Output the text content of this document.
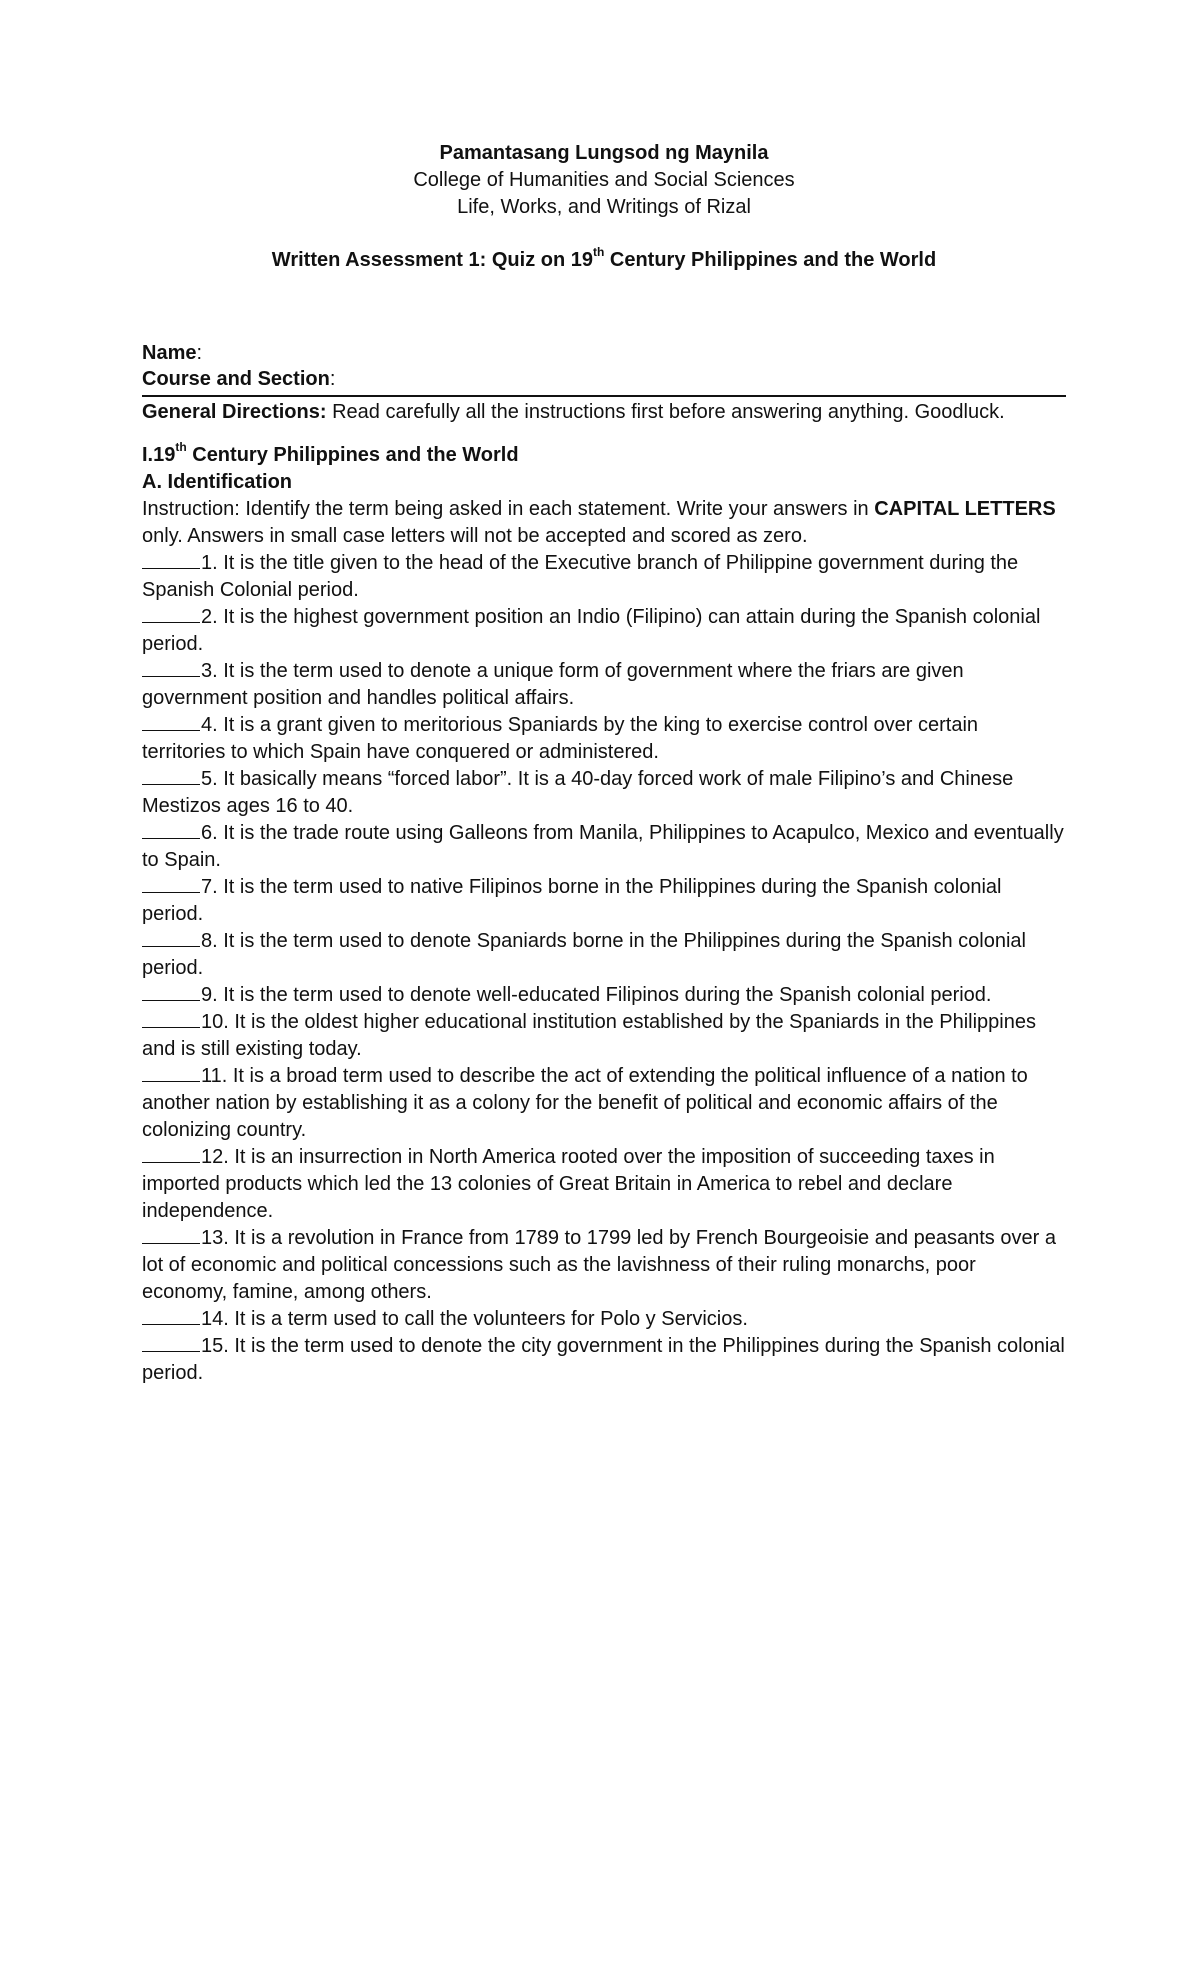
Pamantasang Lungsod ng Maynila
College of Humanities and Social Sciences
Life, Works, and Writings of Rizal
Written Assessment 1: Quiz on 19th Century Philippines and the World
Name:
Course and Section:
General Directions: Read carefully all the instructions first before answering anything. Goodluck.
I.19th Century Philippines and the World
A. Identification
Instruction: Identify the term being asked in each statement. Write your answers in CAPITAL LETTERS only. Answers in small case letters will not be accepted and scored as zero.
1. It is the title given to the head of the Executive branch of Philippine government during the Spanish Colonial period.
2. It is the highest government position an Indio (Filipino) can attain during the Spanish colonial period.
3. It is the term used to denote a unique form of government where the friars are given government position and handles political affairs.
4. It is a grant given to meritorious Spaniards by the king to exercise control over certain territories to which Spain have conquered or administered.
5. It basically means “forced labor”. It is a 40-day forced work of male Filipino’s and Chinese Mestizos ages 16 to 40.
6. It is the trade route using Galleons from Manila, Philippines to Acapulco, Mexico and eventually to Spain.
7. It is the term used to native Filipinos borne in the Philippines during the Spanish colonial period.
8. It is the term used to denote Spaniards borne in the Philippines during the Spanish colonial period.
9. It is the term used to denote well-educated Filipinos during the Spanish colonial period.
10. It is the oldest higher educational institution established by the Spaniards in the Philippines and is still existing today.
11. It is a broad term used to describe the act of extending the political influence of a nation to another nation by establishing it as a colony for the benefit of political and economic affairs of the colonizing country.
12. It is an insurrection in North America rooted over the imposition of succeeding taxes in imported products which led the 13 colonies of Great Britain in America to rebel and declare independence.
13. It is a revolution in France from 1789 to 1799 led by French Bourgeoisie and peasants over a lot of economic and political concessions such as the lavishness of their ruling monarchs, poor economy, famine, among others.
14. It is a term used to call the volunteers for Polo y Servicios.
15. It is the term used to denote the city government in the Philippines during the Spanish colonial period.
